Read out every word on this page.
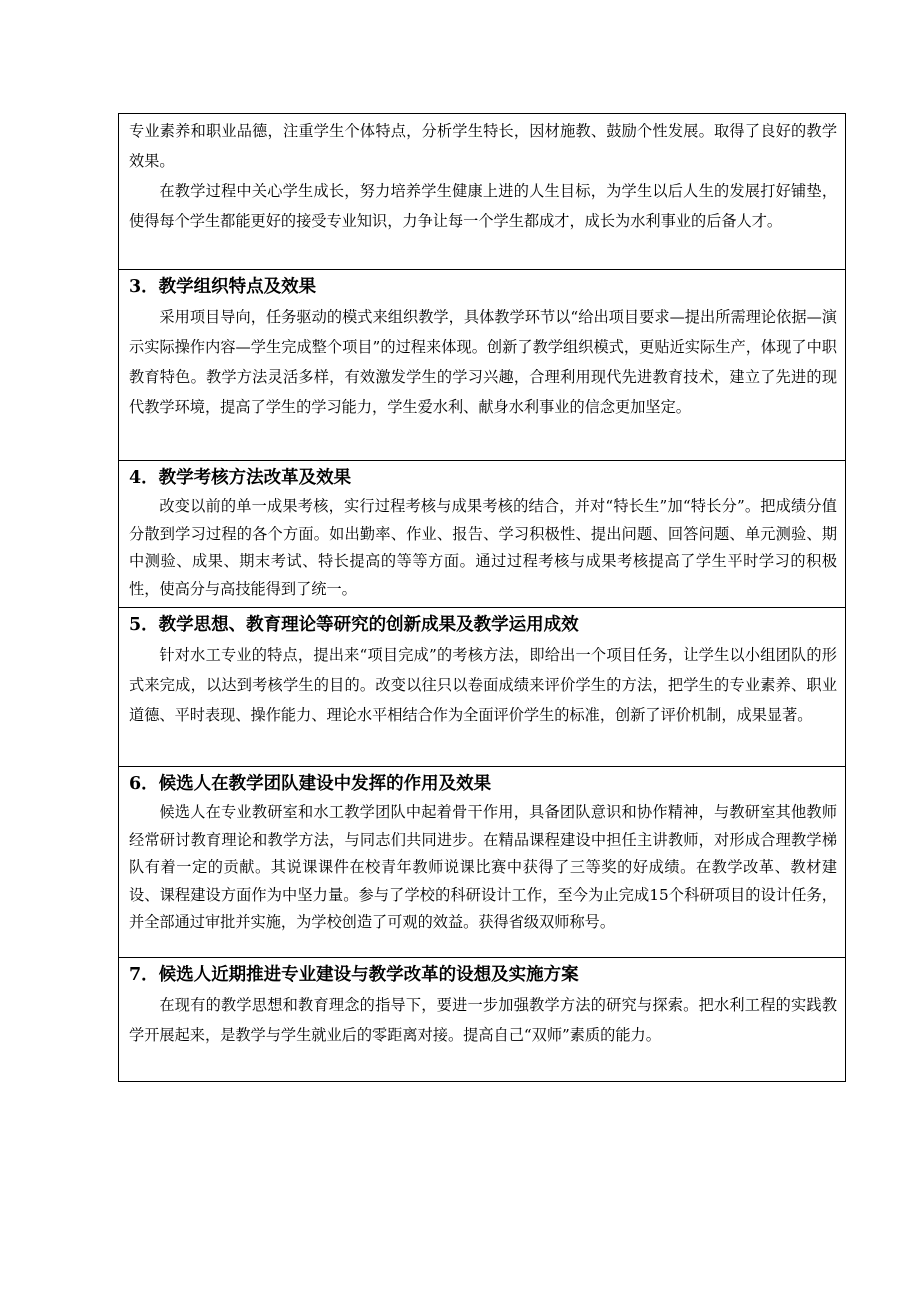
专业素养和职业品德，注重学生个体特点，分析学生特长，因材施教、鼓励个性发展。取得了良好的教学效果。

在教学过程中关心学生成长，努力培养学生健康上进的人生目标，为学生以后人生的发展打好铺垫，使得每个学生都能更好的接受专业知识，力争让每一个学生都成才，成长为水利事业的后备人才。

3．教学组织特点及效果

采用项目导向，任务驱动的模式来组织教学，具体教学环节以“给出项目要求—提出所需理论依据—演示实际操作内容—学生完成整个项目”的过程来体现。创新了教学组织模式，更贴近实际生产，体现了中职教育特色。教学方法灵活多样，有效激发学生的学习兴趣，合理利用现代先进教育技术，建立了先进的现代教学环境，提高了学生的学习能力，学生爱水利、献身水利事业的信念更加坚定。

4．教学考核方法改革及效果

改变以前的单一成果考核，实行过程考核与成果考核的结合，并对“特长生”加“特长分”。把成绩分值分散到学习过程的各个方面。如出勤率、作业、报告、学习积极性、提出问题、回答问题、单元测验、期中测验、成果、期末考试、特长提高的等等方面。通过过程考核与成果考核提高了学生平时学习的积极性，使高分与高技能得到了统一。

5．教学思想、教育理论等研究的创新成果及教学运用成效

针对水工专业的特点，提出来“项目完成”的考核方法，即给出一个项目任务，让学生以小组团队的形式来完成，以达到考核学生的目的。改变以往只以卷面成绩来评价学生的方法，把学生的专业素养、职业道德、平时表现、操作能力、理论水平相结合作为全面评价学生的标准，创新了评价机制，成果显著。

6．候选人在教学团队建设中发挥的作用及效果

候选人在专业教研室和水工教学团队中起着骨干作用，具备团队意识和协作精神，与教研室其他教师经常研讨教育理论和教学方法，与同志们共同进步。在精品课程建设中担任主讲教师，对形成合理教学梯队有着一定的贡献。其说课课件在校青年教师说课比赛中获得了三等奖的好成绩。在教学改革、教材建设、课程建设方面作为中坚力量。参与了学校的科研设计工作，至今为止完成15个科研项目的设计任务，并全部通过审批并实施，为学校创造了可观的效益。获得省级双师称号。

7．候选人近期推进专业建设与教学改革的设想及实施方案

在现有的教学思想和教育理念的指导下，要进一步加强教学方法的研究与探索。把水利工程的实践教学开展起来，是教学与学生就业后的零距离对接。提高自己“双师”素质的能力。
